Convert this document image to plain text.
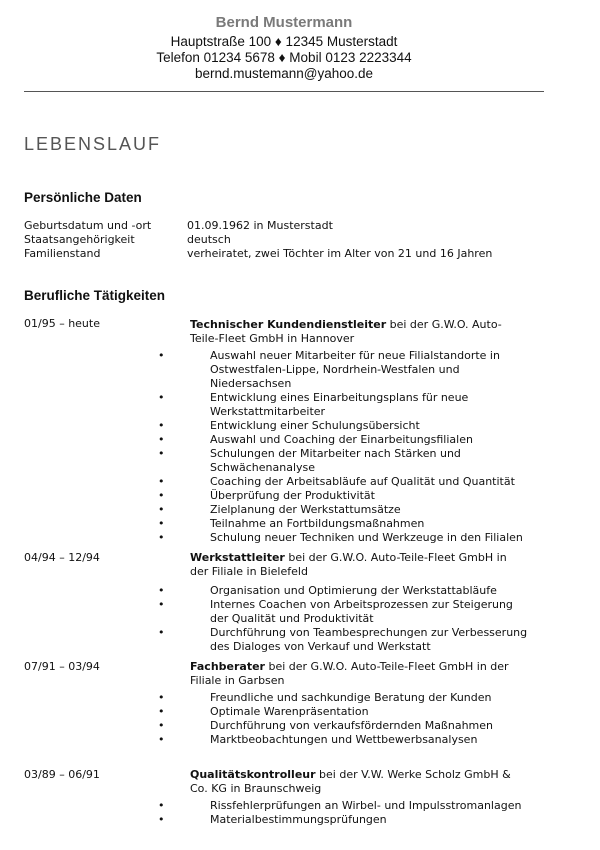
Bernd Mustermann
Hauptstraße 100 ♦ 12345 Musterstadt
Telefon 01234 5678 ♦ Mobil 0123 2223344
bernd.mustemann@yahoo.de
LEBENSLAUF
Persönliche Daten
Geburtsdatum und -ort	01.09.1962 in Musterstadt
Staatsangehörigkeit	deutsch
Familienstand	verheiratet, zwei Töchter im Alter von 21 und 16 Jahren
Berufliche Tätigkeiten
01/95 – heute	Technischer Kundendienstleiter bei der G.W.O. Auto-
Teile-Fleet GmbH in Hannover
•	Auswahl neuer Mitarbeiter für neue Filialstandorte in
Ostwestfalen-Lippe, Nordrhein-Westfalen und
Niedersachsen
•	Entwicklung eines Einarbeitungsplans für neue
Werkstattmitarbeiter
•	Entwicklung einer Schulungsübersicht
•	Auswahl und Coaching der Einarbeitungsfilialen
•	Schulungen der Mitarbeiter nach Stärken und
Schwächenanalyse
•	Coaching der Arbeitsabläufe auf Qualität und Quantität
•	Überprüfung der Produktivität
•	Zielplanung der Werkstattumsätze
•	Teilnahme an Fortbildungsmaßnahmen
•	Schulung neuer Techniken und Werkzeuge in den Filialen
04/94 – 12/94	Werkstattleiter bei der G.W.O. Auto-Teile-Fleet GmbH in
der Filiale in Bielefeld
•	Organisation und Optimierung der Werkstattabläufe
•	Internes Coachen von Arbeitsprozessen zur Steigerung
der Qualität und Produktivität
•	Durchführung von Teambesprechungen zur Verbesserung
des Dialoges von Verkauf und Werkstatt
07/91 – 03/94	Fachberater bei der G.W.O. Auto-Teile-Fleet GmbH in der
Filiale in Garbsen
•	Freundliche und sachkundige Beratung der Kunden
•	Optimale Warenpräsentation
•	Durchführung von verkaufsfördernden Maßnahmen
•	Marktbeobachtungen und Wettbewerbsanalysen
03/89 – 06/91	Qualitätskontrolleur bei der V.W. Werke Scholz GmbH &
Co. KG in Braunschweig
•	Rissfehlerprüfungen an Wirbel- und Impulsstromanlagen
•	Materialbestimmungsprüfungen
